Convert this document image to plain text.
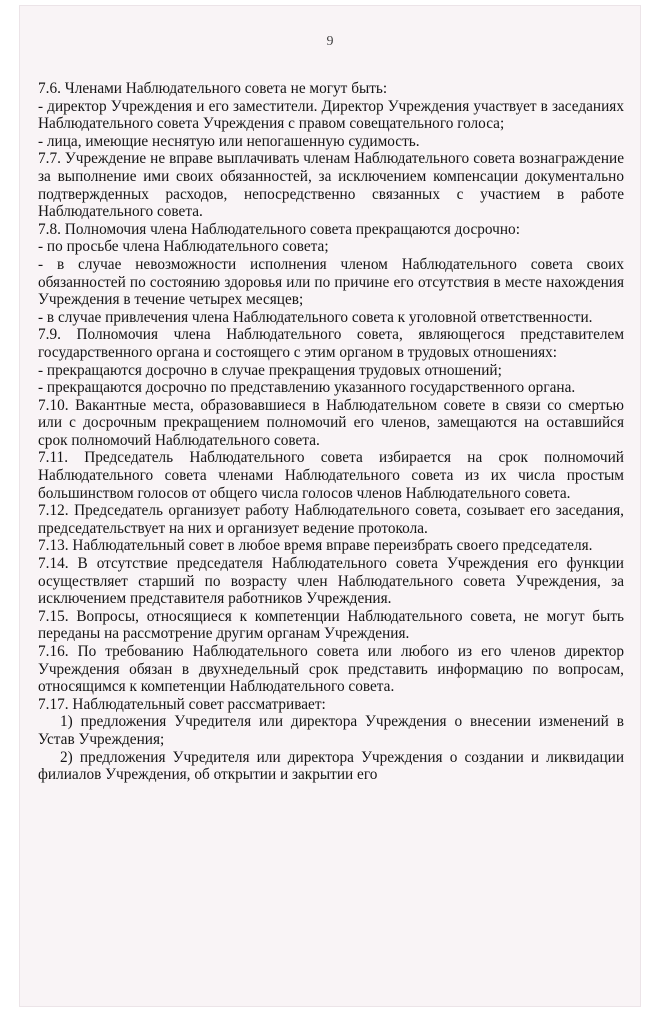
9

7.6. Членами Наблюдательного совета не могут быть:

- директор Учреждения и его заместители. Директор Учреждения участвует в заседаниях Наблюдательного совета Учреждения с правом совещательного голоса;

- лица, имеющие неснятую или непогашенную судимость.

7.7. Учреждение не вправе выплачивать членам Наблюдательного совета вознаграждение за выполнение ими своих обязанностей, за исключением компенсации документально подтвержденных расходов, непосредственно связанных с участием в работе Наблюдательного совета.

7.8. Полномочия члена Наблюдательного совета прекращаются досрочно:

- по просьбе члена Наблюдательного совета;

- в случае невозможности исполнения членом Наблюдательного совета своих обязанностей по состоянию здоровья или по причине его отсутствия в месте нахождения Учреждения в течение четырех месяцев;

- в случае привлечения члена Наблюдательного совета к уголовной ответственности.

7.9. Полномочия члена Наблюдательного совета, являющегося представителем государственного органа и состоящего с этим органом в трудовых отношениях:

- прекращаются досрочно в случае прекращения трудовых отношений;

- прекращаются досрочно по представлению указанного государственного органа.

7.10. Вакантные места, образовавшиеся в Наблюдательном совете в связи со смертью или с досрочным прекращением полномочий его членов, замещаются на оставшийся срок полномочий Наблюдательного совета.

7.11. Председатель Наблюдательного совета избирается на срок полномочий Наблюдательного совета членами Наблюдательного совета из их числа простым большинством голосов от общего числа голосов членов Наблюдательного совета.

7.12. Председатель организует работу Наблюдательного совета, созывает его заседания, председательствует на них и организует ведение протокола.

7.13. Наблюдательный совет в любое время вправе переизбрать своего председателя.

7.14. В отсутствие председателя Наблюдательного совета Учреждения его функции осуществляет старший по возрасту член Наблюдательного совета Учреждения, за исключением представителя работников Учреждения.

7.15. Вопросы, относящиеся к компетенции Наблюдательного совета, не могут быть переданы на рассмотрение другим органам Учреждения.

7.16. По требованию Наблюдательного совета или любого из его членов директор Учреждения обязан в двухнедельный срок представить информацию по вопросам, относящимся к компетенции Наблюдательного совета.

7.17. Наблюдательный совет рассматривает:

1) предложения Учредителя или директора Учреждения о внесении изменений в Устав Учреждения;

2) предложения Учредителя или директора Учреждения о создании и ликвидации филиалов Учреждения, об открытии и закрытии его
